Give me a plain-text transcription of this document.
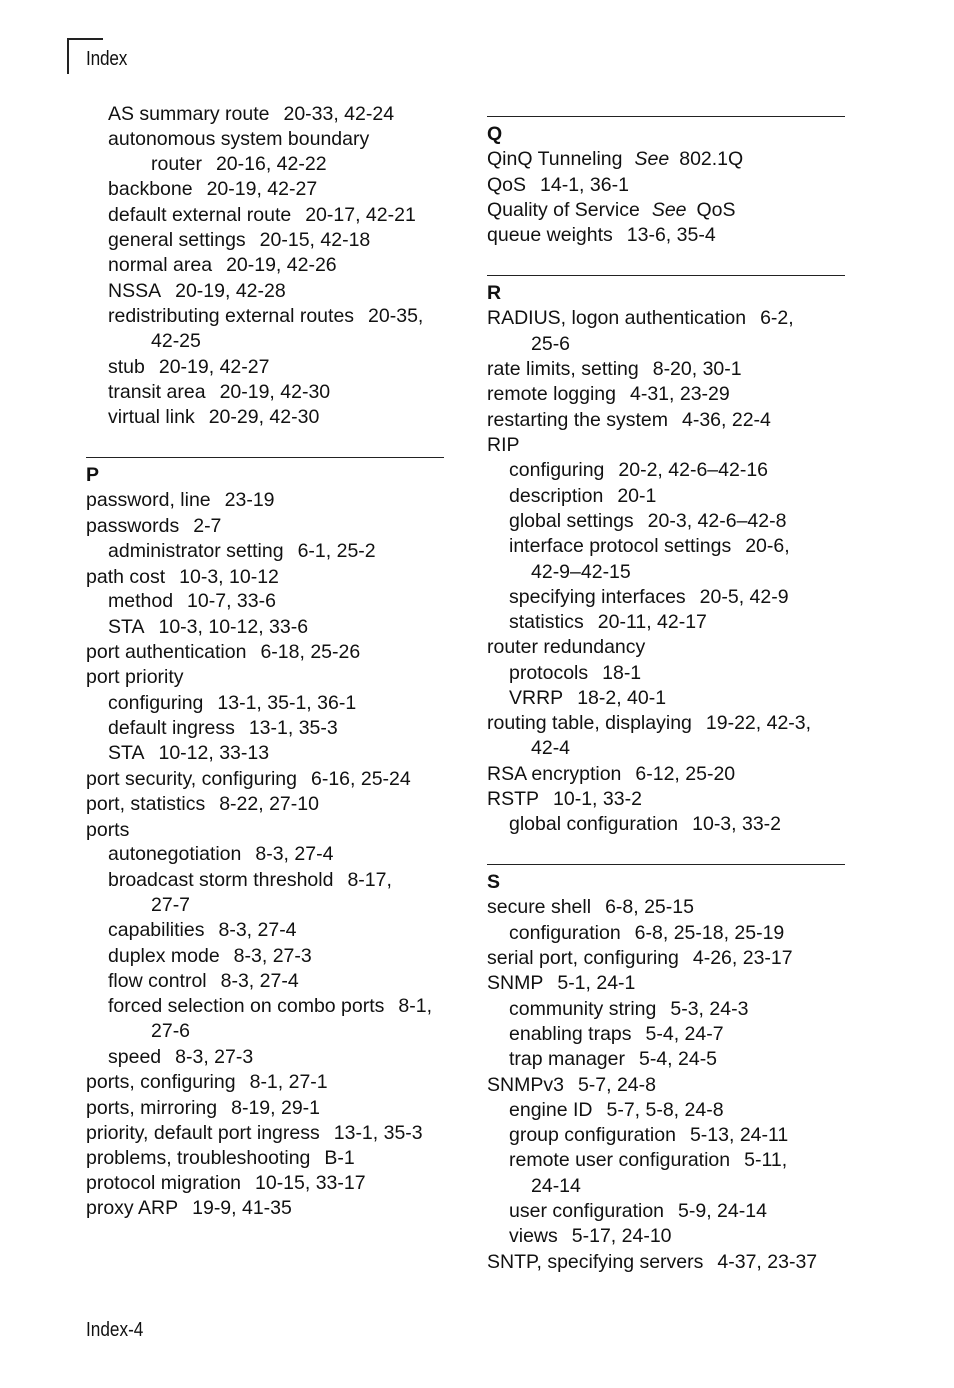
Index
Index-4
AS summary route 20-33, 42-24
autonomous system boundary
router 20-16, 42-22
backbone 20-19, 42-27
default external route 20-17, 42-21
general settings 20-15, 42-18
normal area 20-19, 42-26
NSSA 20-19, 42-28
redistributing external routes 20-35,
42-25
stub 20-19, 42-27
transit area 20-19, 42-30
virtual link 20-29, 42-30
P
password, line 23-19
passwords 2-7
administrator setting 6-1, 25-2
path cost 10-3, 10-12
method 10-7, 33-6
STA 10-3, 10-12, 33-6
port authentication 6-18, 25-26
port priority
configuring 13-1, 35-1, 36-1
default ingress 13-1, 35-3
STA 10-12, 33-13
port security, configuring 6-16, 25-24
port, statistics 8-22, 27-10
ports
autonegotiation 8-3, 27-4
broadcast storm threshold 8-17,
27-7
capabilities 8-3, 27-4
duplex mode 8-3, 27-3
flow control 8-3, 27-4
forced selection on combo ports 8-1,
27-6
speed 8-3, 27-3
ports, configuring 8-1, 27-1
ports, mirroring 8-19, 29-1
priority, default port ingress 13-1, 35-3
problems, troubleshooting B-1
protocol migration 10-15, 33-17
proxy ARP 19-9, 41-35
Q
QinQ Tunneling See 802.1Q
QoS 14-1, 36-1
Quality of Service See QoS
queue weights 13-6, 35-4
R
RADIUS, logon authentication 6-2,
25-6
rate limits, setting 8-20, 30-1
remote logging 4-31, 23-29
restarting the system 4-36, 22-4
RIP
configuring 20-2, 42-6–42-16
description 20-1
global settings 20-3, 42-6–42-8
interface protocol settings 20-6,
42-9–42-15
specifying interfaces 20-5, 42-9
statistics 20-11, 42-17
router redundancy
protocols 18-1
VRRP 18-2, 40-1
routing table, displaying 19-22, 42-3,
42-4
RSA encryption 6-12, 25-20
RSTP 10-1, 33-2
global configuration 10-3, 33-2
S
secure shell 6-8, 25-15
configuration 6-8, 25-18, 25-19
serial port, configuring 4-26, 23-17
SNMP 5-1, 24-1
community string 5-3, 24-3
enabling traps 5-4, 24-7
trap manager 5-4, 24-5
SNMPv3 5-7, 24-8
engine ID 5-7, 5-8, 24-8
group configuration 5-13, 24-11
remote user configuration 5-11,
24-14
user configuration 5-9, 24-14
views 5-17, 24-10
SNTP, specifying servers 4-37, 23-37
